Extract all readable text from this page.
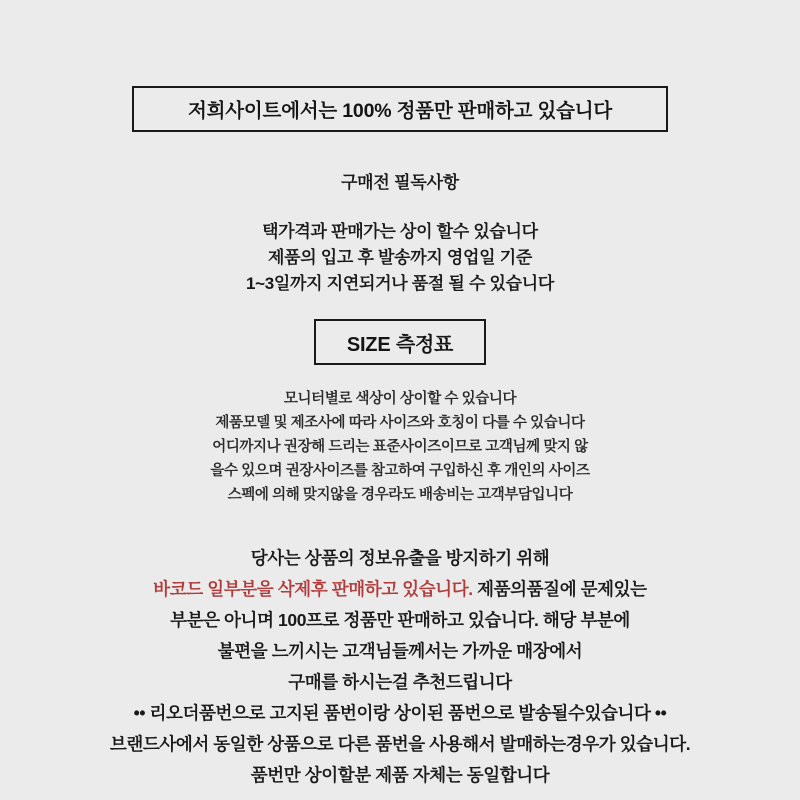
저희사이트에서는 100% 정품만 판매하고 있습니다
구매전 필독사항
택가격과 판매가는 상이 할수 있습니다
제품의 입고 후 발송까지 영업일 기준
1~3일까지 지연되거나 품절 될 수 있습니다
SIZE 측정표
모니터별로 색상이 상이할 수 있습니다
제품모델 및 제조사에 따라 사이즈와 호칭이 다를 수 있습니다
어디까지나 권장해 드리는 표준사이즈이므로 고객님께 맞지 않
을수 있으며 권장사이즈를 참고하여 구입하신 후 개인의 사이즈
스펙에 의해 맞지않을 경우라도 배송비는 고객부담입니다
당사는 상품의 정보유출을 방지하기 위해
바코드 일부분을 삭제후 판매하고 있습니다. 제품의품질에 문제있는
부분은 아니며 100프로 정품만 판매하고 있습니다. 해당 부분에
불편을 느끼시는 고객님들께서는 가까운 매장에서
구매를 하시는걸 추천드립니다
•• 리오더품번으로 고지된 품번이랑 상이된 품번으로 발송될수있습니다 ••
브랜드사에서 동일한 상품으로 다른 품번을 사용해서 발매하는경우가 있습니다.
품번만 상이할분 제품 자체는 동일합니다
